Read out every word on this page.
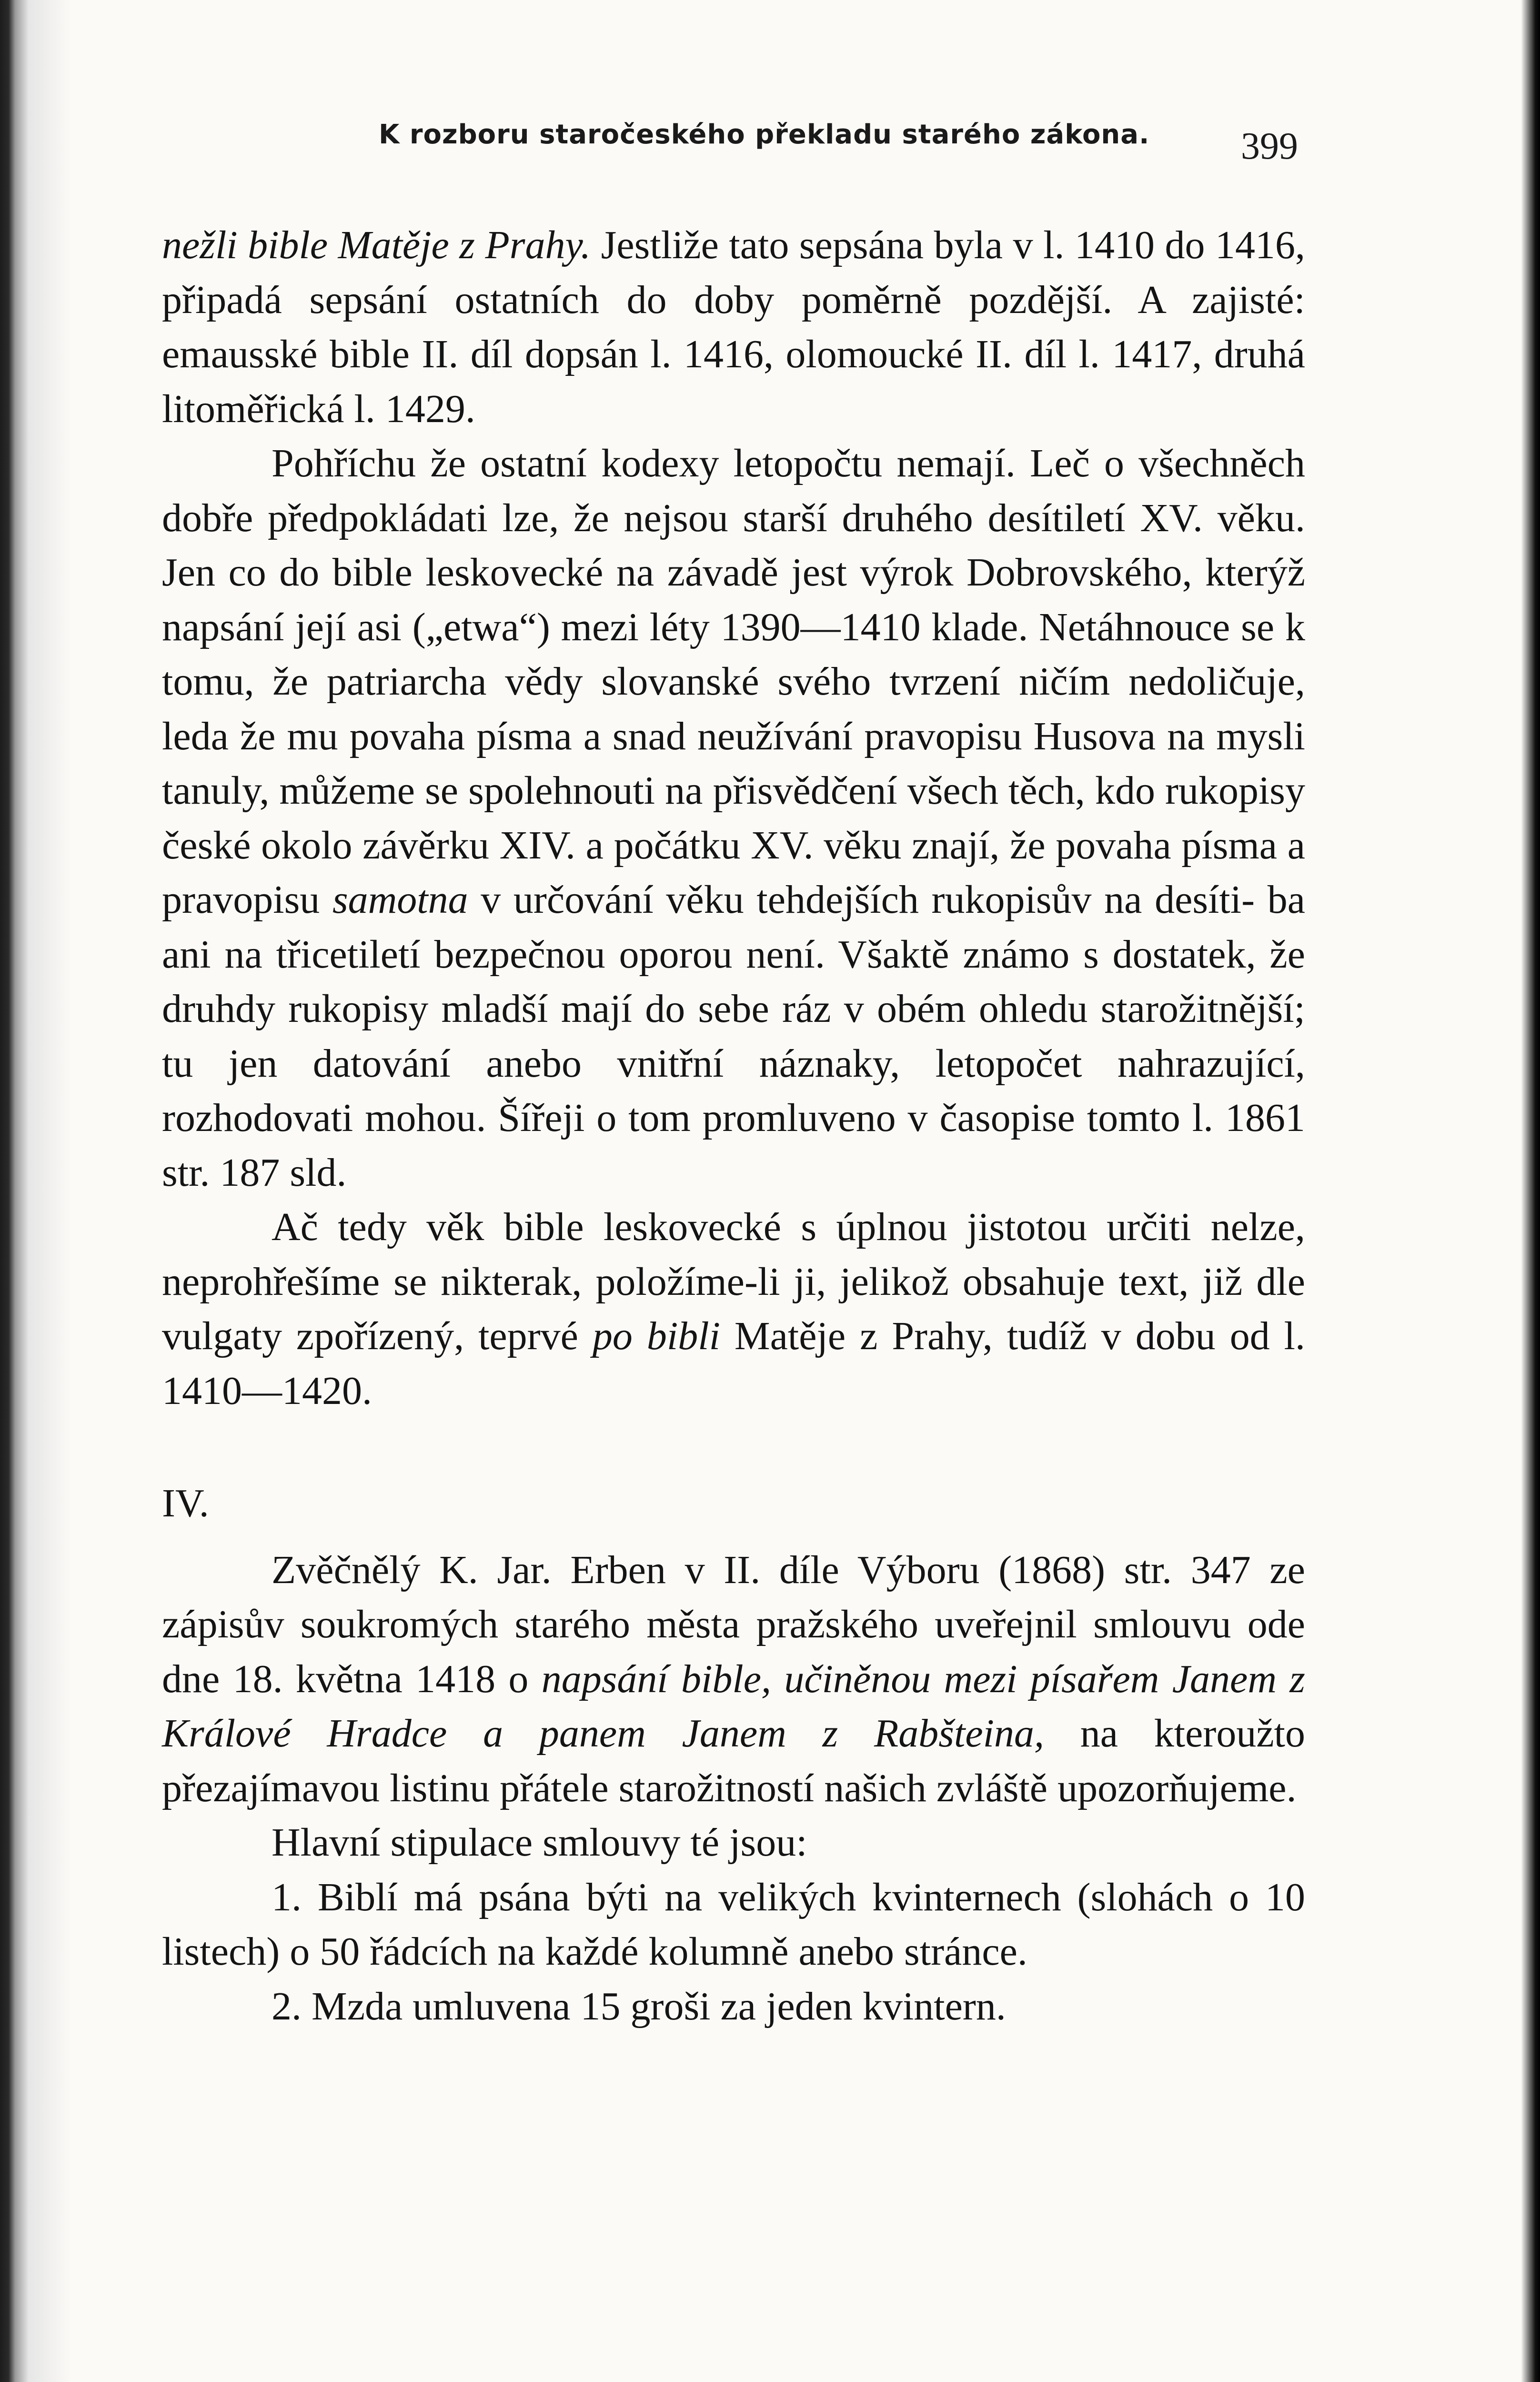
K rozboru staročeského překladu starého zákona. 399

nežli bible Matěje z Prahy. Jestliže tato sepsána byla v l. 1410 do 1416, připadá sepsání ostatních do doby poměrně pozdější. A zajisté: emausské bible II. díl dopsán l. 1416, olomoucké II. díl l. 1417, druhá litoměřická l. 1429.

Pohříchu že ostatní kodexy letopočtu nemají. Leč o všechněch dobře předpokládati lze, že nejsou starší druhého desítiletí XV. věku. Jen co do bible leskovecké na závadě jest výrok Dobrovského, kterýž napsání její asi („etwa“) mezi léty 1390—1410 klade. Netáhnouce se k tomu, že patriarcha vědy slovanské svého tvrzení ničím nedoličuje, leda že mu povaha písma a snad neužívání pravopisu Husova na mysli tanuly, můžeme se spolehnouti na přisvědčení všech těch, kdo rukopisy české okolo závěrku XIV. a počátku XV. věku znají, že povaha písma a pravopisu samotna v určování věku tehdejších rukopisův na desíti- ba ani na třicetiletí bezpečnou oporou není. Všaktě známo s dostatek, že druhdy rukopisy mladší mají do sebe ráz v obém ohledu starožitnější; tu jen datování anebo vnitřní náznaky, letopočet nahrazující, rozhodovati mohou. Šířeji o tom promluveno v časopise tomto l. 1861 str. 187 sld.

Ač tedy věk bible leskovecké s úplnou jistotou určiti nelze, neprohřešíme se nikterak, položíme-li ji, jelikož obsahuje text, již dle vulgaty zpořízený, teprvé po bibli Matěje z Prahy, tudíž v dobu od l. 1410—1420.

IV.

Zvěčnělý K. Jar. Erben v II. díle Výboru (1868) str. 347 ze zápisův soukromých starého města pražského uveřejnil smlouvu ode dne 18. května 1418 o napsání bible, učiněnou mezi písařem Janem z Králové Hradce a panem Janem z Rabšteina, na kteroužto přezajímavou listinu přátele starožitností našich zvláště upozorňujeme.

Hlavní stipulace smlouvy té jsou:

1. Biblí má psána býti na velikých kvinternech (slohách o 10 listech) o 50 řádcích na každé kolumně anebo stránce.

2. Mzda umluvena 15 groši za jeden kvintern.
